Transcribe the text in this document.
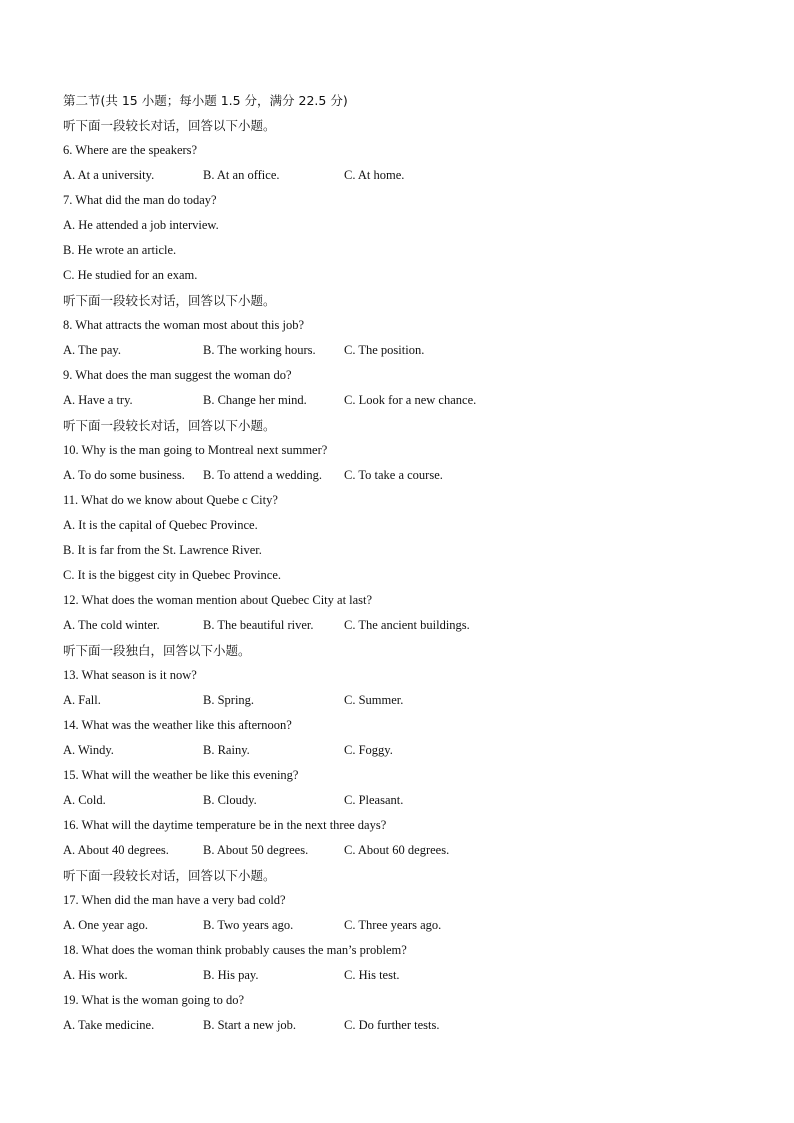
第二节(共 15 小题；每小题 1.5 分，满分 22.5 分)
听下面一段较长对话，回答以下小题。
6. Where are the speakers?
A. At a university.	B. At an office.	C. At home.
7. What did the man do today?
A. He attended a job interview.
B. He wrote an article.
C. He studied for an exam.
听下面一段较长对话，回答以下小题。
8. What attracts the woman most about this job?
A. The pay.	B. The working hours. C. The position.
9. What does the man suggest the woman do?
A. Have a try.	B. Change her mind.	C. Look for a new chance.
听下面一段较长对话，回答以下小题。
10. Why is the man going to Montreal next summer?
A. To do some business. B. To attend a wedding. C. To take a course.
11. What do we know about Quebe c City?
A. It is the capital of Quebec Province.
B. It is far from the St. Lawrence River.
C. It is the biggest city in Quebec Province.
12. What does the woman mention about Quebec City at last?
A. The cold winter.	B. The beautiful river. C. The ancient buildings.
听下面一段独白，回答以下小题。
13. What season is it now?
A. Fall.	B. Spring.	C. Summer.
14. What was the weather like this afternoon?
A. Windy.	B. Rainy.	C. Foggy.
15. What will the weather be like this evening?
A. Cold.	B. Cloudy.	C. Pleasant.
16. What will the daytime temperature be in the next three days?
A. About 40 degrees.	B. About 50 degrees.	C. About 60 degrees.
听下面一段较长对话，回答以下小题。
17. When did the man have a very bad cold?
A. One year ago.	B. Two years ago.	C. Three years ago.
18. What does the woman think probably causes the man’s problem?
A. His work.	B. His pay.	C. His test.
19. What is the woman going to do?
A. Take medicine.	B. Start a new job.	C. Do further tests.
